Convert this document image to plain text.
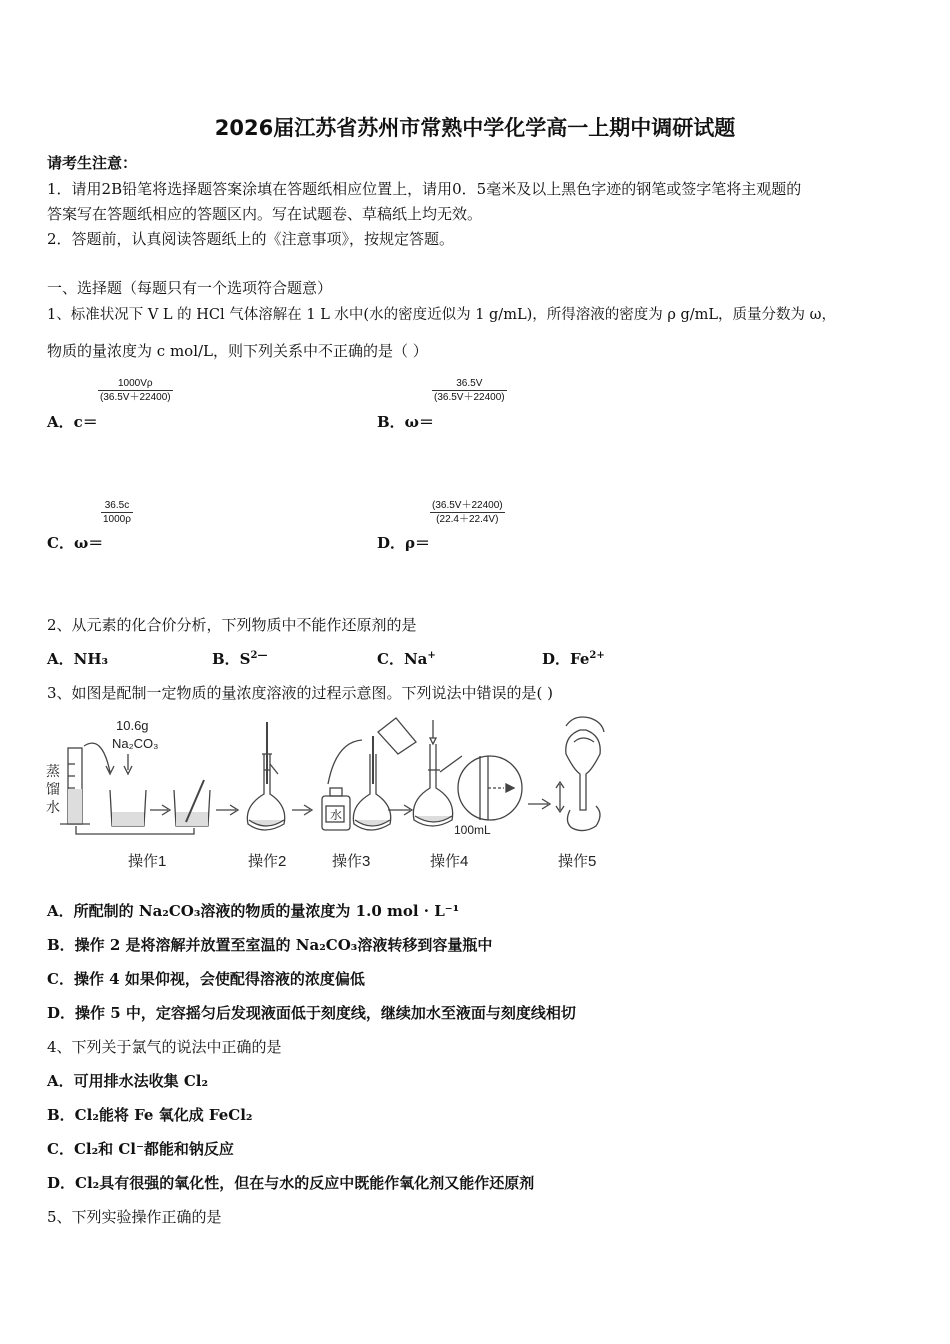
2026届江苏省苏州市常熟中学化学高一上期中调研试题
请考生注意：
1．请用2B铅笔将选择题答案涂填在答题纸相应位置上，请用0．5毫米及以上黑色字迹的钢笔或签字笔将主观题的
答案写在答题纸相应的答题区内。写在试题卷、草稿纸上均无效。
2．答题前，认真阅读答题纸上的《注意事项》，按规定答题。
一、选择题（每题只有一个选项符合题意）
1、标准状况下 V L 的 HCl 气体溶解在 1 L 水中(水的密度近似为 1 g/mL)，所得溶液的密度为 ρ g/mL，质量分数为 ω，
物质的量浓度为 c mol/L，则下列关系中不正确的是（ ）
$\frac{1000V\rho}{(36.5V+22400)}$
A．c＝
$\frac{36.5V}{(36.5V+22400)}$
B．ω＝
$\frac{36.5c}{1000\rho}$
C．ω＝
$\frac{(36.5V+22400)}{(22.4+22.4V)}$
D．ρ＝
2、从元素的化合价分析，下列物质中不能作还原剂的是
A．NH₃	B．$S^{2—}$	C．Na+	D．$Fe^{2+}$
3、如图是配制一定物质的量浓度溶液的过程示意图。下列说法中错误的是( )
蒸
馏
水
10.6g
Na₂CO₃
操作1	操作2
水
操作3
100mL
操作4	操作5
A．所配制的 Na₂CO₃溶液的物质的量浓度为 1.0 mol · L⁻¹
B．操作 2 是将溶解并放置至室温的 Na₂CO₃溶液转移到容量瓶中
C．操作 4 如果仰视，会使配得溶液的浓度偏低
D．操作 5 中，定容摇匀后发现液面低于刻度线，继续加水至液面与刻度线相切
4、下列关于氯气的说法中正确的是
A．可用排水法收集 Cl₂
B．Cl₂能将 Fe 氧化成 FeCl₂
C．Cl₂和 Cl⁻都能和钠反应
D．Cl₂具有很强的氧化性，但在与水的反应中既能作氧化剂又能作还原剂
5、下列实验操作正确的是
